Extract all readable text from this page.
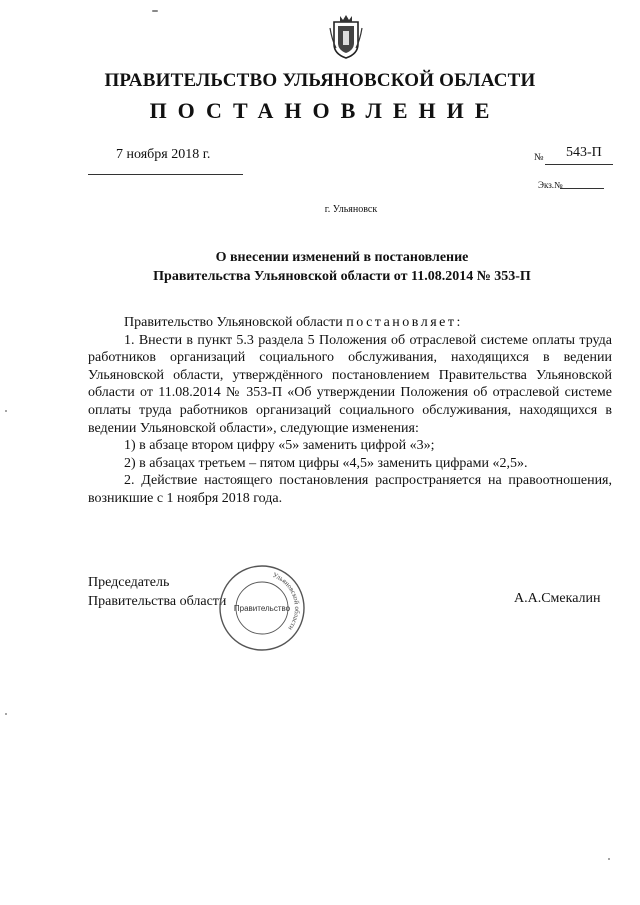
ПРАВИТЕЛЬСТВО УЛЬЯНОВСКОЙ ОБЛАСТИ
ПОСТАНОВЛЕНИЕ
7 ноября 2018 г.	№ 543-П
Экз.№
г. Ульяновск
О внесении изменений в постановление
Правительства Ульяновской области от 11.08.2014 № 353-П

Правительство Ульяновской области постановляет:

1. Внести в пункт 5.3 раздела 5 Положения об отраслевой системе оплаты труда работников организаций социального обслуживания, находящихся в ведении Ульяновской области, утверждённого постановлением Правительства Ульяновской области от 11.08.2014 № 353-П «Об утверждении Положения об отраслевой системе оплаты труда работников организаций социального обслуживания, находящихся в ведении Ульяновской области», следующие изменения:

1) в абзаце втором цифру «5» заменить цифрой «3»;

2) в абзацах третьем – пятом цифры «4,5» заменить цифрами «2,5».

2. Действие настоящего постановления распространяется на правоотношения, возникшие с 1 ноября 2018 года.

Председатель
Правительства области
Ульяновской области
Правительство
А.А.Смекалин
